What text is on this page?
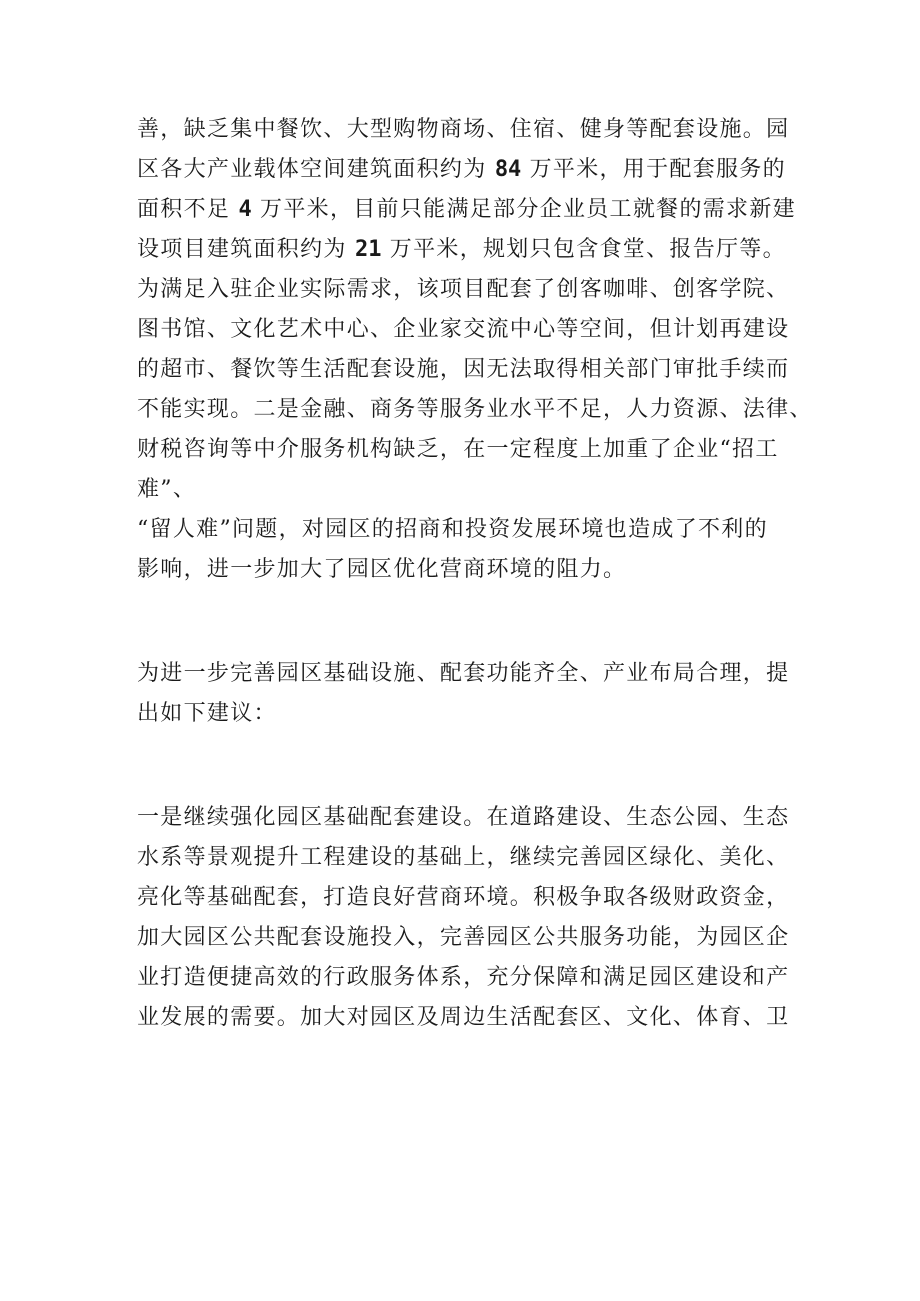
善，缺乏集中餐饮、大型购物商场、住宿、健身等配套设施。园
区各大产业载体空间建筑面积约为 84 万平米，用于配套服务的
面积不足 4 万平米，目前只能满足部分企业员工就餐的需求新建
设项目建筑面积约为 21 万平米，规划只包含食堂、报告厅等。
为满足入驻企业实际需求，该项目配套了创客咖啡、创客学院、
图书馆、文化艺术中心、企业家交流中心等空间，但计划再建设
的超市、餐饮等生活配套设施，因无法取得相关部门审批手续而
不能实现。二是金融、商务等服务业水平不足，人力资源、法律、
财税咨询等中介服务机构缺乏，在一定程度上加重了企业“招工
难”、
“留人难”问题，对园区的招商和投资发展环境也造成了不利的
影响，进一步加大了园区优化营商环境的阻力。
为进一步完善园区基础设施、配套功能齐全、产业布局合理，提
出如下建议：
一是继续强化园区基础配套建设。在道路建设、生态公园、生态
水系等景观提升工程建设的基础上，继续完善园区绿化、美化、
亮化等基础配套，打造良好营商环境。积极争取各级财政资金，
加大园区公共配套设施投入，完善园区公共服务功能，为园区企
业打造便捷高效的行政服务体系，充分保障和满足园区建设和产
业发展的需要。加大对园区及周边生活配套区、文化、体育、卫
